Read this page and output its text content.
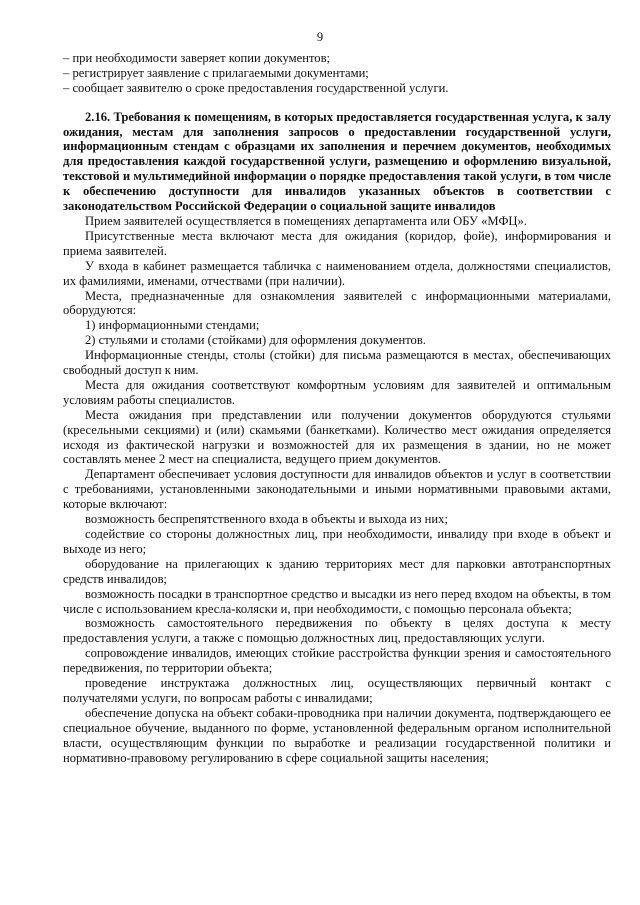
9

– при необходимости заверяет копии документов;

– регистрирует заявление с прилагаемыми документами;

– сообщает заявителю о сроке предоставления государственной услуги.

2.16. Требования к помещениям, в которых предоставляется государственная услуга, к залу ожидания, местам для заполнения запросов о предоставлении государственной услуги, информационным стендам с образцами их заполнения и перечнем документов, необходимых для предоставления каждой государственной услуги, размещению и оформлению визуальной, текстовой и мультимедийной информации о порядке предоставления такой услуги, в том числе к обеспечению доступности для инвалидов указанных объектов в соответствии с законодательством Российской Федерации о социальной защите инвалидов

Прием заявителей осуществляется в помещениях департамента или ОБУ «МФЦ».

Присутственные места включают места для ожидания (коридор, фойе), информирования и приема заявителей.

У входа в кабинет размещается табличка с наименованием отдела, должностями специалистов, их фамилиями, именами, отчествами (при наличии).

Места, предназначенные для ознакомления заявителей с информационными материалами, оборудуются:

1) информационными стендами;

2) стульями и столами (стойками) для оформления документов.

Информационные стенды, столы (стойки) для письма размещаются в местах, обеспечивающих свободный доступ к ним.

Места для ожидания соответствуют комфортным условиям для заявителей и оптимальным условиям работы специалистов.

Места ожидания при представлении или получении документов оборудуются стульями (кресельными секциями) и (или) скамьями (банкетками). Количество мест ожидания определяется исходя из фактической нагрузки и возможностей для их размещения в здании, но не может составлять менее 2 мест на специалиста, ведущего прием документов.

Департамент обеспечивает условия доступности для инвалидов объектов и услуг в соответствии с требованиями, установленными законодательными и иными нормативными правовыми актами, которые включают:

возможность беспрепятственного входа в объекты и выхода из них;

содействие со стороны должностных лиц, при необходимости, инвалиду при входе в объект и выходе из него;

оборудование на прилегающих к зданию территориях мест для парковки автотранспортных средств инвалидов;

возможность посадки в транспортное средство и высадки из него перед входом на объекты, в том числе с использованием кресла-коляски и, при необходимости, с помощью персонала объекта;

возможность самостоятельного передвижения по объекту в целях доступа к месту предоставления услуги, а также с помощью должностных лиц, предоставляющих услуги.

сопровождение инвалидов, имеющих стойкие расстройства функции зрения и самостоятельного передвижения, по территории объекта;

проведение инструктажа должностных лиц, осуществляющих первичный контакт с получателями услуги, по вопросам работы с инвалидами;

обеспечение допуска на объект собаки-проводника при наличии документа, подтверждающего ее специальное обучение, выданного по форме, установленной федеральным органом исполнительной власти, осуществляющим функции по выработке и реализации государственной политики и нормативно-правовому регулированию в сфере социальной защиты населения;
